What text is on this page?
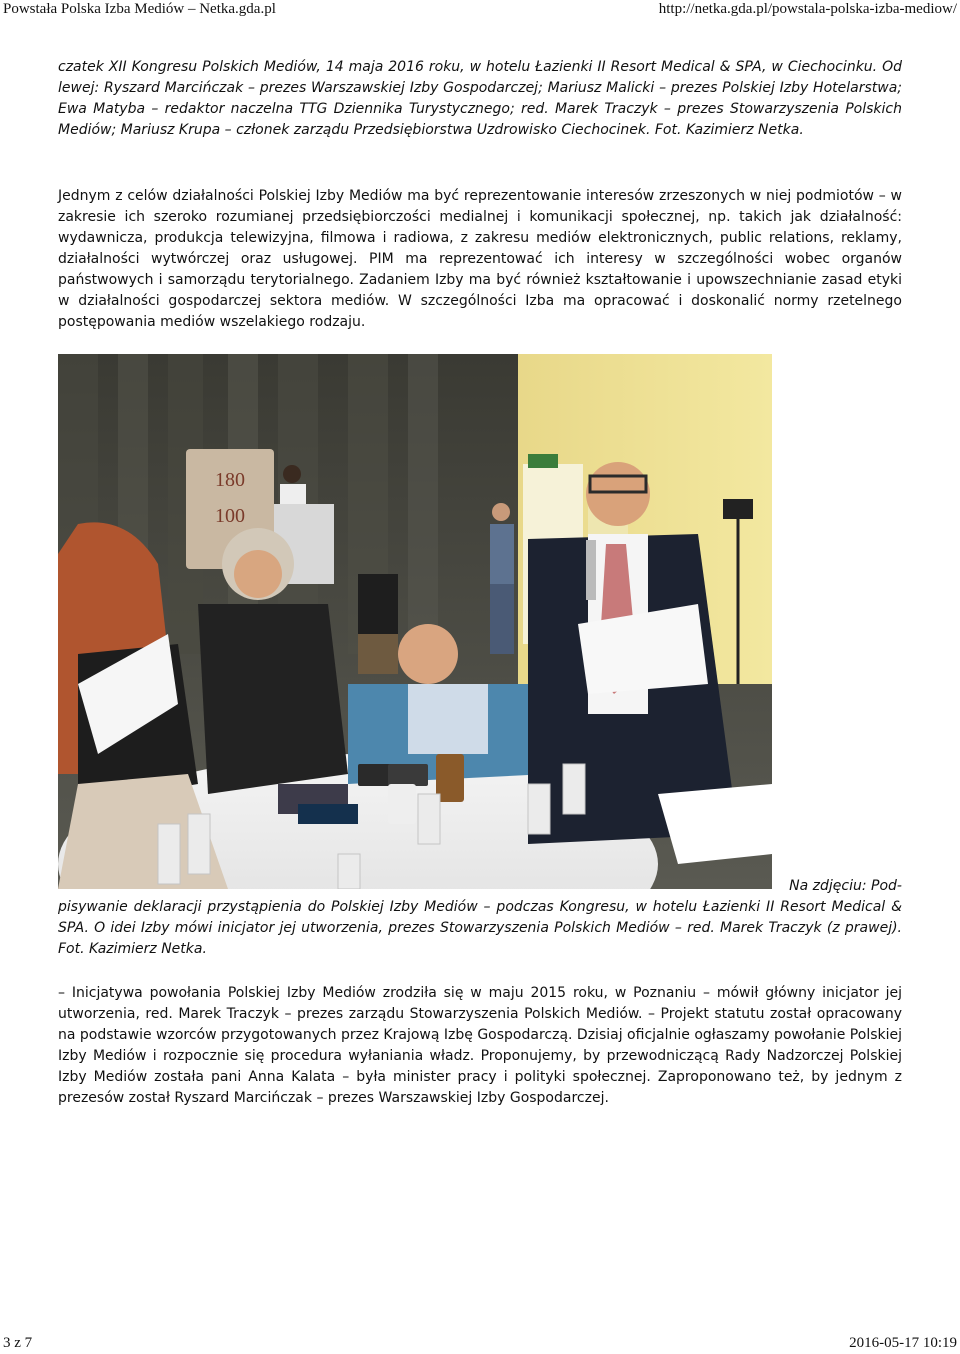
Powstała Polska Izba Mediów – Netka.gda.pl	http://netka.gda.pl/powstala-polska-izba-mediow/

czatek XII Kongresu Polskich Mediów, 14 maja 2016 roku, w hotelu Łazienki II Resort Medical & SPA, w Ciechocinku. Od lewej: Ryszard Marcińczak – prezes Warszawskiej Izby Gospodarczej; Mariusz Malicki – prezes Polskiej Izby Hotelarstwa; Ewa Matyba – redaktor naczelna TTG Dziennika Turystycznego; red. Marek Traczyk – prezes Stowarzyszenia Polskich Mediów; Mariusz Krupa – członek zarządu Przedsiębiorstwa Uzdrowisko Ciechocinek. Fot. Kazimierz Netka.

Jednym z celów działalności Polskiej Izby Mediów ma być reprezentowanie interesów zrzeszonych w niej podmiotów – w zakresie ich szeroko rozumianej przedsiębiorczości medialnej i komunikacji społecznej, np. takich jak działalność: wydawnicza, produkcja telewizyjna, filmowa i radiowa, z zakresu mediów elektronicznych, public relations, reklamy, działalności wytwórczej oraz usługowej. PIM ma reprezentować ich interesy w szczególności wobec organów państwowych i samorządu terytorialnego. Zadaniem Izby ma być również kształtowanie i upowszechnianie zasad etyki w działalności gospodarczej sektora mediów. W szczególności Izba ma opracować i doskonalić normy rzetelnego postępowania mediów wszelakiego rodzaju.

180
100
Na zdjęciu: Pod-

pisywanie deklaracji przystąpienia do Polskiej Izby Mediów – podczas Kongresu, w hotelu Łazienki II Resort Medical & SPA. O idei Izby mówi inicjator jej utworzenia, prezes Stowarzyszenia Polskich Mediów – red. Marek Traczyk (z prawej). Fot. Kazimierz Netka.

– Inicjatywa powołania Polskiej Izby Mediów zrodziła się w maju 2015 roku, w Poznaniu – mówił główny inicjator jej utworzenia, red. Marek Traczyk – prezes zarządu Stowarzyszenia Polskich Mediów. – Projekt statutu został opracowany na podstawie wzorców przygotowanych przez Krajową Izbę Gospodarczą. Dzisiaj oficjalnie ogłaszamy powołanie Polskiej Izby Mediów i rozpocznie się procedura wyłaniania władz. Proponujemy, by przewodniczącą Rady Nadzorczej Polskiej Izby Mediów została pani Anna Kalata – była minister pracy i polityki społecznej. Zaproponowano też, by jednym z prezesów został Ryszard Marcińczak – prezes Warszawskiej Izby Gospodarczej.

3 z 7	2016-05-17 10:19
